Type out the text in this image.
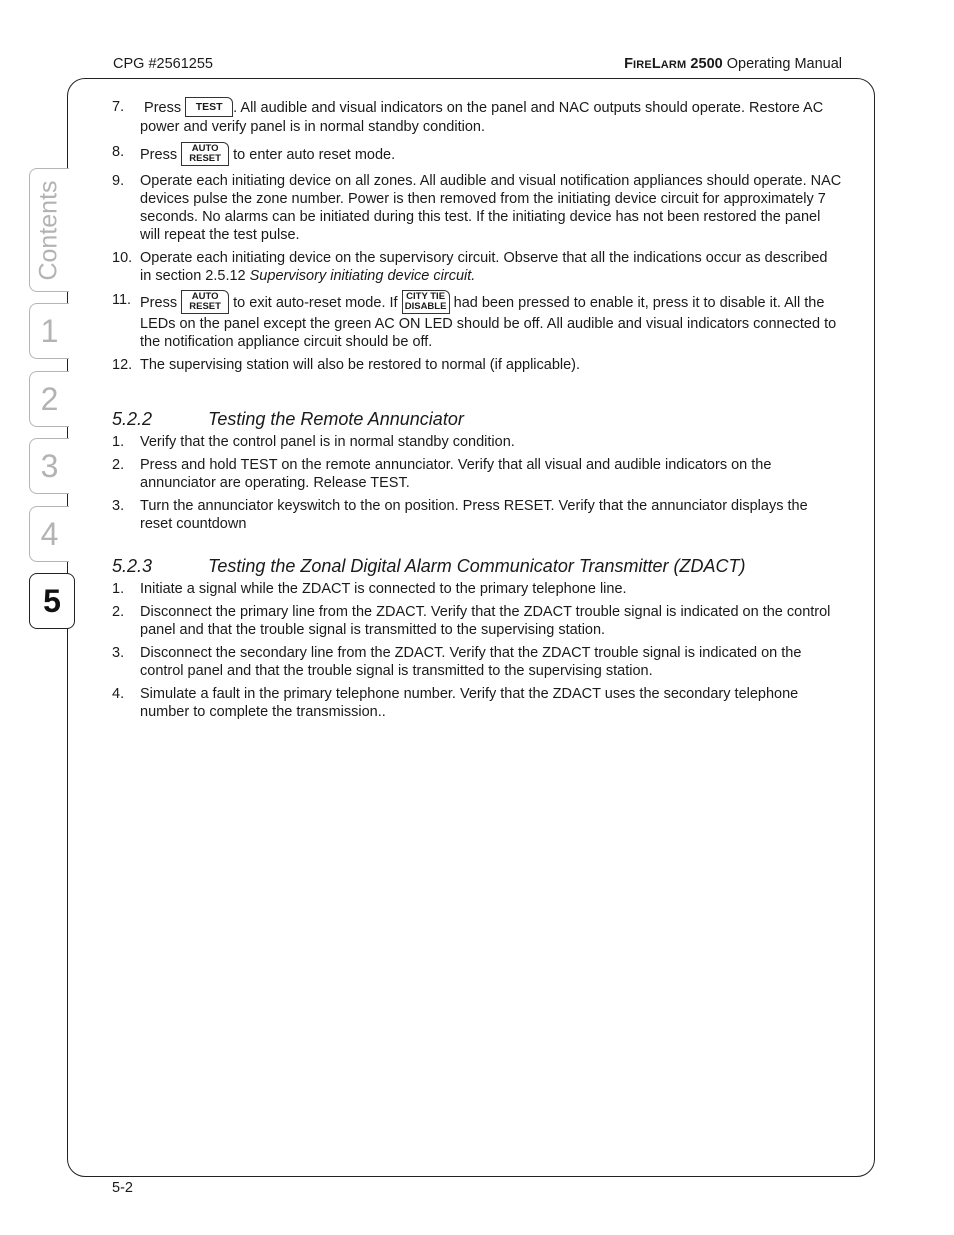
CPG #2561255	FIRELARM 2500 Operating Manual
Contents
1
2
3
4
5
7. Press TEST . All audible and visual indicators on the panel and NAC outputs should operate. Restore AC power and verify panel is in normal standby condition.
8. Press AUTO
RESET to enter auto reset mode.
9. Operate each initiating device on all zones. All audible and visual notification appliances should operate. NAC devices pulse the zone number. Power is then removed from the initiating device circuit for approximately 7 seconds. No alarms can be initiated during this test. If the initiating device has not been restored the panel will repeat the test pulse.
10. Operate each initiating device on the supervisory circuit. Observe that all the indications occur as described in section 2.5.12 Supervisory initiating device circuit.
11. Press AUTO
RESET to exit auto-reset mode. If CITY TIE
DISABLE had been pressed to enable it, press it to disable it. All the LEDs on the panel except the green AC ON LED should be off. All audible and visual indicators connected to the notification appliance circuit should be off.
12. The supervising station will also be restored to normal (if applicable).
5.2.2	Testing the Remote Annunciator
1. Verify that the control panel is in normal standby condition.
2. Press and hold TEST on the remote annunciator. Verify that all visual and audible indicators on the annunciator are operating. Release TEST.
3. Turn the annunciator keyswitch to the on position. Press RESET. Verify that the annunciator displays the reset countdown
5.2.3	Testing the Zonal Digital Alarm Communicator Transmitter (ZDACT)
1. Initiate a signal while the ZDACT is connected to the primary telephone line.
2. Disconnect the primary line from the ZDACT. Verify that the ZDACT trouble signal is indicated on the control panel and that the trouble signal is transmitted to the supervising station.
3. Disconnect the secondary line from the ZDACT. Verify that the ZDACT trouble signal is indicated on the control panel and that the trouble signal is transmitted to the supervising station.
4. Simulate a fault in the primary telephone number. Verify that the ZDACT uses the secondary telephone number to complete the transmission..
5-2
